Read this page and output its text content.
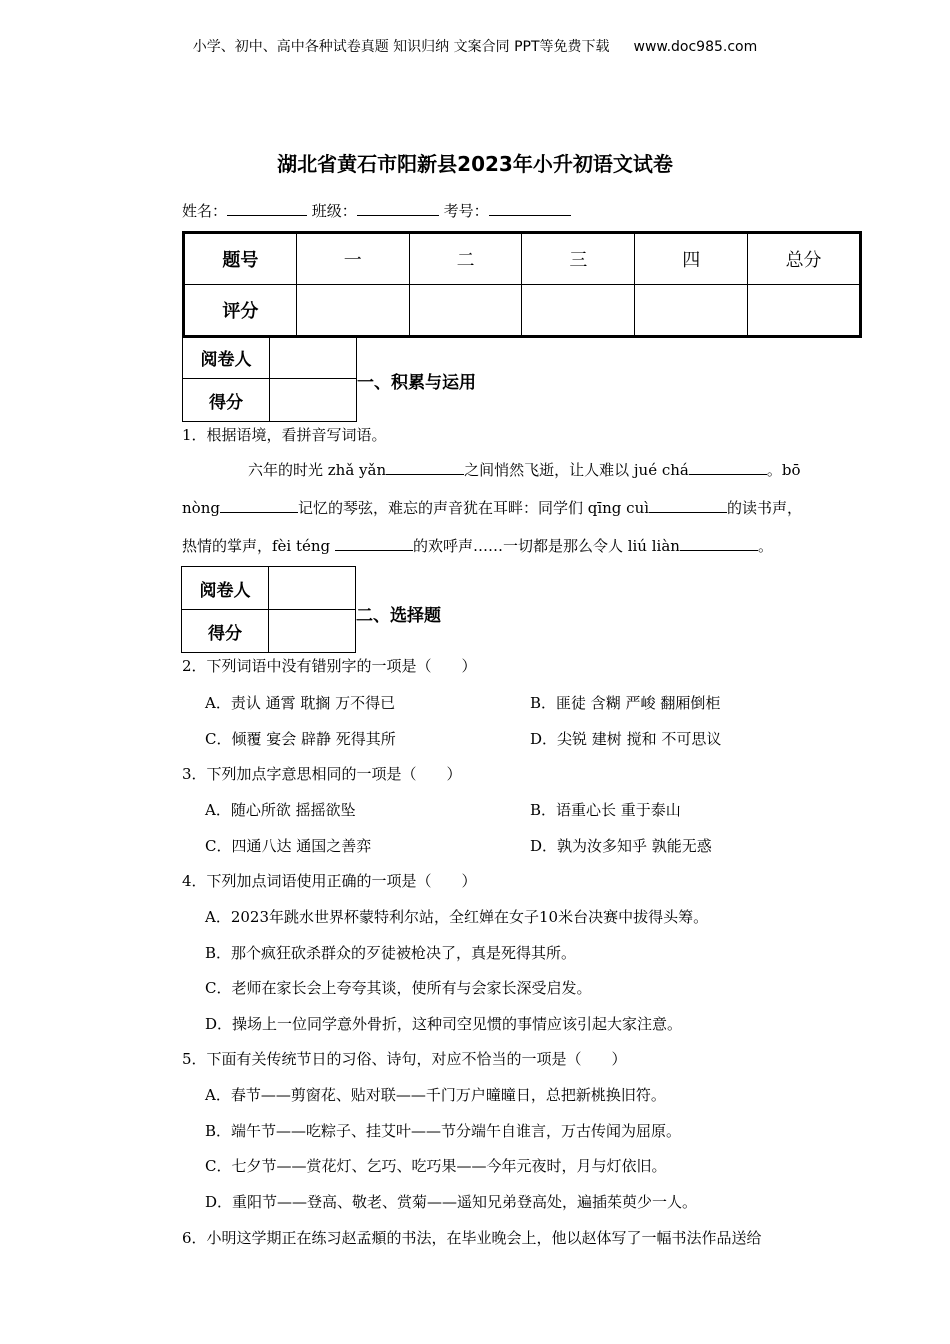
小学、初中、高中各种试卷真题 知识归纳 文案合同 PPT等免费下载 www.doc985.com
湖北省黄石市阳新县2023年小升初语文试卷
姓名：	班级：	考号：
题号	一	二	三	四	总分
评分					
阅卷人	
得分	
一、积累与运用
1．根据语境，看拼音写词语。
六年的时光 zhǎ yǎn	之间悄然飞逝，让人难以 jué chá	。bō
nòng	记忆的琴弦，难忘的声音犹在耳畔：同学们 qīng cuì	的读书声，
热情的掌声，fèi téng	的欢呼声……一切都是那么令人 liú liàn	。
阅卷人	
得分	
二、选择题
2．下列词语中没有错别字的一项是（　　）
A．责认 通霄 耽搁 万不得已	B．匪徒 含糊 严峻 翻厢倒柜
C．倾覆 宴会 辟静 死得其所	D．尖锐 建树 搅和 不可思议
3．下列加点字意思相同的一项是（　　）
A．随心所欲 摇摇欲坠	B．语重心长 重于泰山
C．四通八达 通国之善弈	D．孰为汝多知乎 孰能无惑
4．下列加点词语使用正确的一项是（　　）
A．2023年跳水世界杯蒙特利尔站，全红婵在女子10米台决赛中拔得头筹。
B．那个疯狂砍杀群众的歹徒被枪决了，真是死得其所。
C．老师在家长会上夸夸其谈，使所有与会家长深受启发。
D．操场上一位同学意外骨折，这种司空见惯的事情应该引起大家注意。
5．下面有关传统节日的习俗、诗句，对应不恰当的一项是（　　）
A．春节——剪窗花、贴对联——千门万户曈曈日，总把新桃换旧符。
B．端午节——吃粽子、挂艾叶——节分端午自谁言，万古传闻为屈原。
C．七夕节——赏花灯、乞巧、吃巧果——今年元夜时，月与灯依旧。
D．重阳节——登高、敬老、赏菊——遥知兄弟登高处，遍插茱萸少一人。
6．小明这学期正在练习赵孟頫的书法，在毕业晚会上，他以赵体写了一幅书法作品送给
